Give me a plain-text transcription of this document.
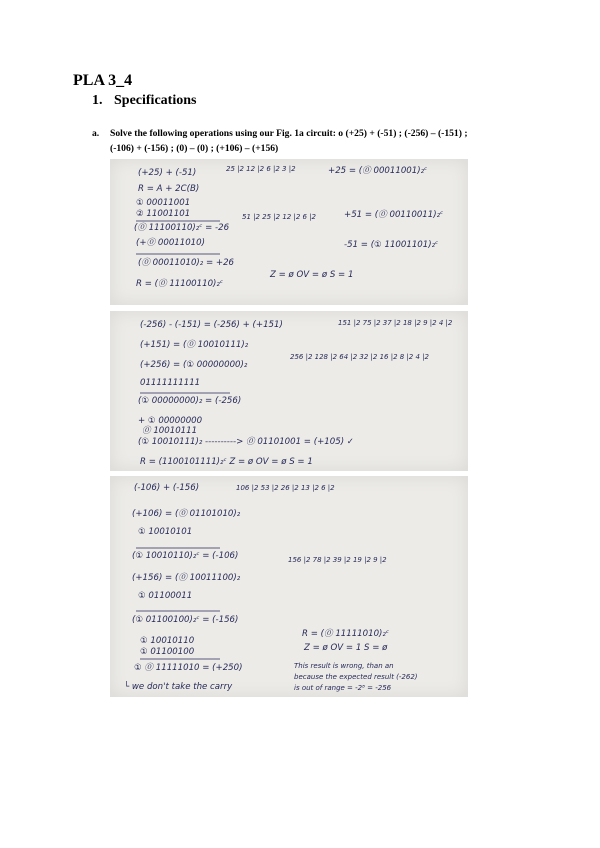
PLA 3_4
1. Specifications
a. Solve the following operations using our Fig. 1a circuit: o (+25) + (-51) ; (-256) – (-151) ;
(-106) + (-156) ; (0) – (0) ; (+106) – (+156)
(+25) + (-51)
R = A + 2C(B)
① 00011001
② 11001101
(⓪ 11100110)₂ᶜ = -26
(+⓪ 00011010)
(⓪ 00011010)₂ = +26
R = (⓪ 11100110)₂ᶜ
Z = ø OV = ø S = 1
25 |2 12 |2 6 |2 3 |2	+25 = (⓪ 00011001)₂ᶜ
51 |2 25 |2 12 |2 6 |2	+51 = (⓪ 00110011)₂ᶜ
-51 = (① 11001101)₂ᶜ
(-256) - (-151) = (-256) + (+151)
(+151) = (⓪ 10010111)₂
(+256) = (① 00000000)₂
01111111111
(① 00000000)₂ = (-256)
+ ① 00000000
⓪ 10010111
(① 10010111)₂ ----------> ⓪ 01101001 = (+105) ✓
R = (1100101111)₂ᶜ Z = ø OV = ø S = 1
151 |2 75 |2 37 |2 18 |2 9 |2 4 |2
256 |2 128 |2 64 |2 32 |2 16 |2 8 |2 4 |2
(-106) + (-156)
(+106) = (⓪ 01101010)₂
① 10010101
(① 10010110)₂ᶜ = (-106)
(+156) = (⓪ 10011100)₂
① 01100011
(① 01100100)₂ᶜ = (-156)
① 10010110
① 01100100
① ⓪ 11111010 = (+250)
└ we don't take the carry
106 |2 53 |2 26 |2 13 |2 6 |2
156 |2 78 |2 39 |2 19 |2 9 |2
R = (⓪ 11111010)₂ᶜ
Z = ø OV = 1 S = ø
This result is wrong, than an
because the expected result (-262)
is out of range = -2⁸ = -256
